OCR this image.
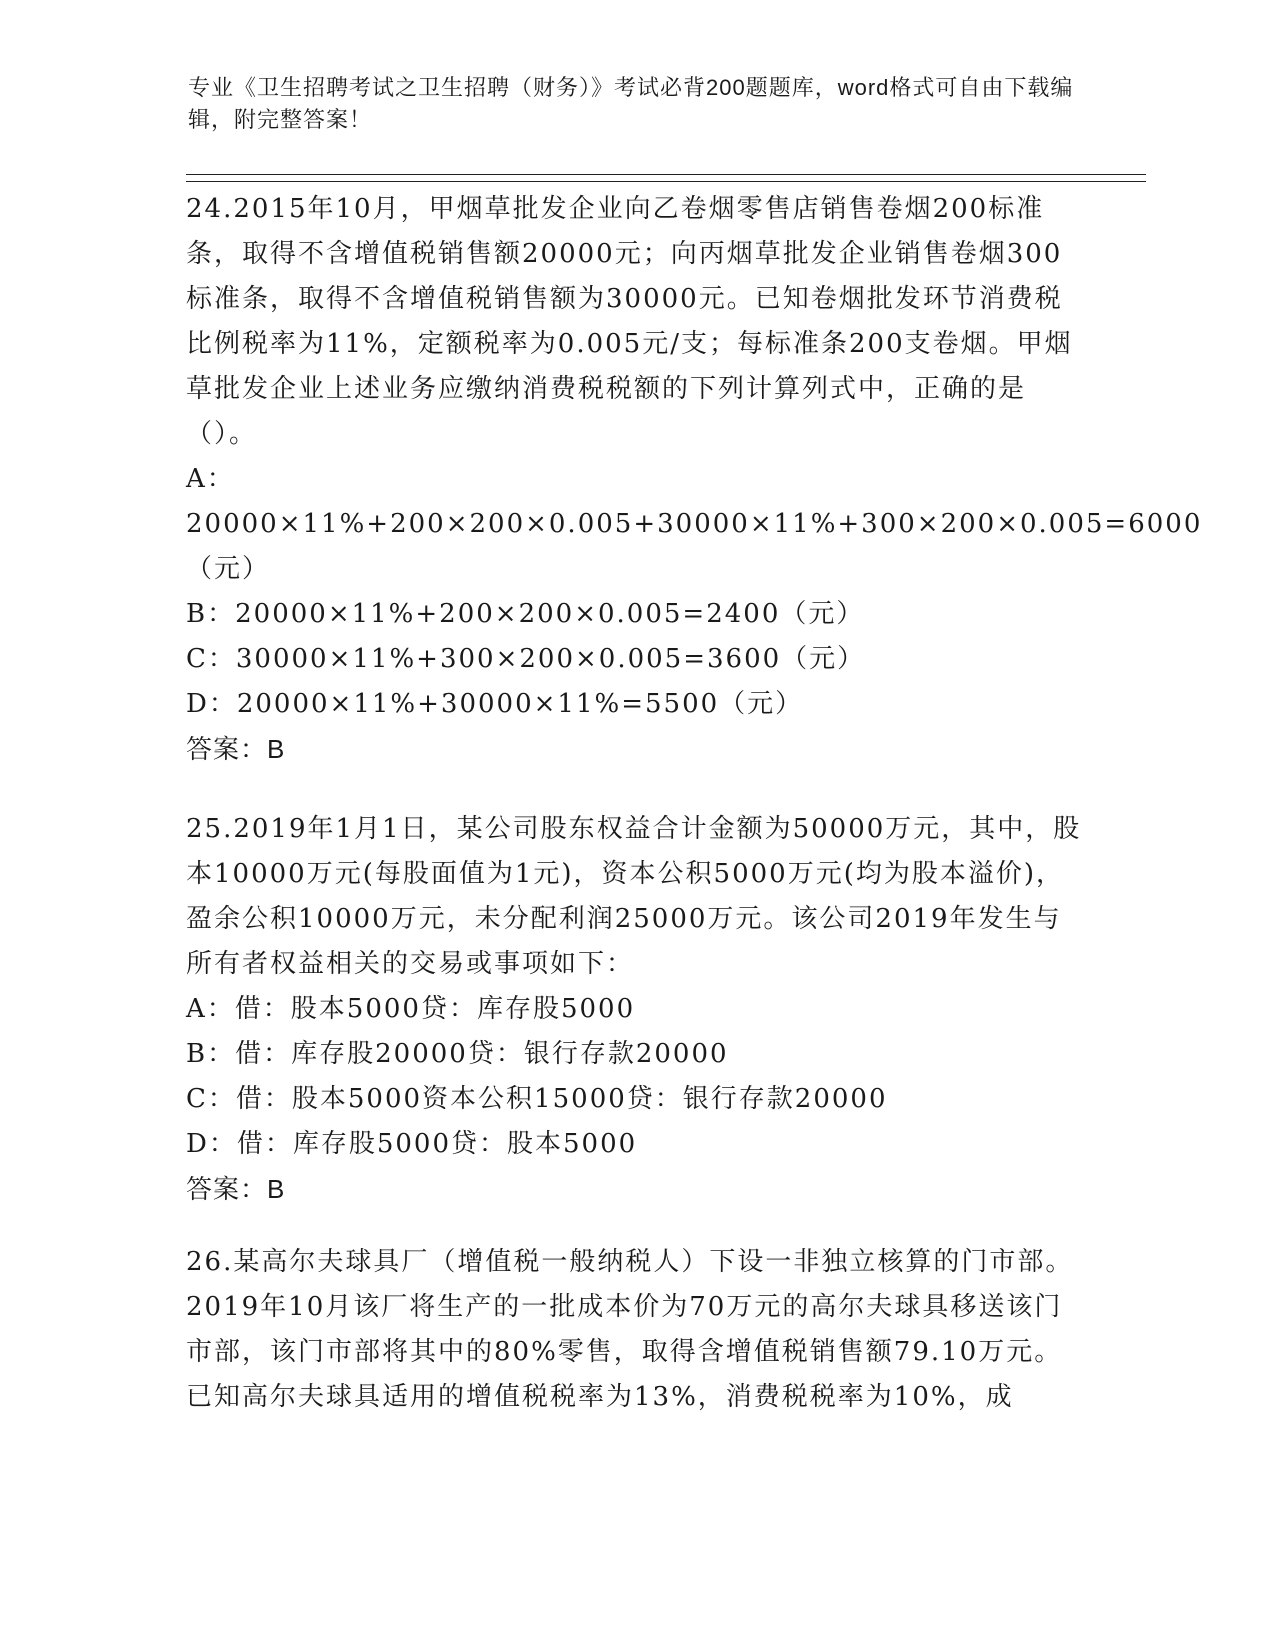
专业《卫生招聘考试之卫生招聘（财务）》考试必背200题题库，word格式可自由下载编辑，附完整答案！

24.2015年10月，甲烟草批发企业向乙卷烟零售店销售卷烟200标准条，取得不含增值税销售额20000元；向丙烟草批发企业销售卷烟300标准条，取得不含增值税销售额为30000元。已知卷烟批发环节消费税比例税率为11%，定额税率为0.005元/支；每标准条200支卷烟。甲烟草批发企业上述业务应缴纳消费税税额的下列计算列式中，正确的是（）。

A：20000×11%+200×200×0.005+30000×11%+300×200×0.005=6000（元）

B：20000×11%+200×200×0.005=2400（元）

C：30000×11%+300×200×0.005=3600（元）

D：20000×11%+30000×11%=5500（元）

答案：B

25.2019年1月1日，某公司股东权益合计金额为50000万元，其中，股本10000万元(每股面值为1元)，资本公积5000万元(均为股本溢价)，盈余公积10000万元，未分配利润25000万元。该公司2019年发生与所有者权益相关的交易或事项如下：

A：借：股本5000贷：库存股5000

B：借：库存股20000贷：银行存款20000

C：借：股本5000资本公积15000贷：银行存款20000

D：借：库存股5000贷：股本5000

答案：B

26.某高尔夫球具厂（增值税一般纳税人）下设一非独立核算的门市部。2019年10月该厂将生产的一批成本价为70万元的高尔夫球具移送该门市部，该门市部将其中的80%零售，取得含增值税销售额79.10万元。已知高尔夫球具适用的增值税税率为13%，消费税税率为10%，成
